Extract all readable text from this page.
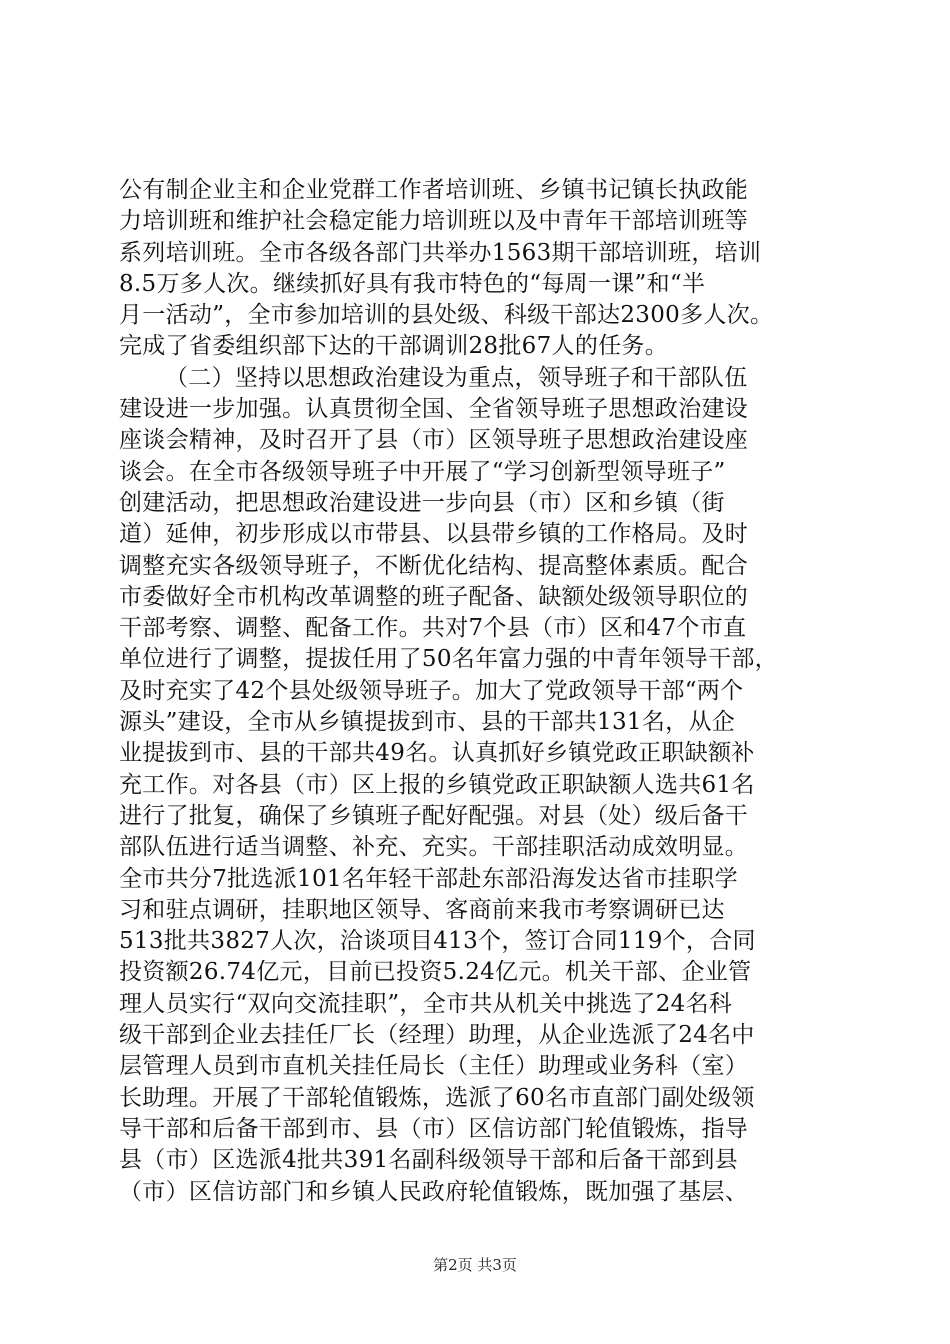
公有制企业主和企业党群工作者培训班、乡镇书记镇长执政能
力培训班和维护社会稳定能力培训班以及中青年干部培训班等
系列培训班。全市各级各部门共举办1563期干部培训班，培训
8.5万多人次。继续抓好具有我市特色的“每周一课”和“半
月一活动”，全市参加培训的县处级、科级干部达2300多人次。
完成了省委组织部下达的干部调训28批67人的任务。
（二）坚持以思想政治建设为重点，领导班子和干部队伍
建设进一步加强。认真贯彻全国、全省领导班子思想政治建设
座谈会精神，及时召开了县（市）区领导班子思想政治建设座
谈会。在全市各级领导班子中开展了“学习创新型领导班子”
创建活动，把思想政治建设进一步向县（市）区和乡镇（街
道）延伸，初步形成以市带县、以县带乡镇的工作格局。及时
调整充实各级领导班子，不断优化结构、提高整体素质。配合
市委做好全市机构改革调整的班子配备、缺额处级领导职位的
干部考察、调整、配备工作。共对7个县（市）区和47个市直
单位进行了调整，提拔任用了50名年富力强的中青年领导干部，
及时充实了42个县处级领导班子。加大了党政领导干部“两个
源头”建设，全市从乡镇提拔到市、县的干部共131名，从企
业提拔到市、县的干部共49名。认真抓好乡镇党政正职缺额补
充工作。对各县（市）区上报的乡镇党政正职缺额人选共61名
进行了批复，确保了乡镇班子配好配强。对县（处）级后备干
部队伍进行适当调整、补充、充实。干部挂职活动成效明显。
全市共分7批选派101名年轻干部赴东部沿海发达省市挂职学
习和驻点调研，挂职地区领导、客商前来我市考察调研已达
513批共3827人次，洽谈项目413个，签订合同119个，合同
投资额26.74亿元，目前已投资5.24亿元。机关干部、企业管
理人员实行“双向交流挂职”，全市共从机关中挑选了24名科
级干部到企业去挂任厂长（经理）助理，从企业选派了24名中
层管理人员到市直机关挂任局长（主任）助理或业务科（室）
长助理。开展了干部轮值锻炼，选派了60名市直部门副处级领
导干部和后备干部到市、县（市）区信访部门轮值锻炼，指导
县（市）区选派4批共391名副科级领导干部和后备干部到县
（市）区信访部门和乡镇人民政府轮值锻炼，既加强了基层、
第2页 共3页
